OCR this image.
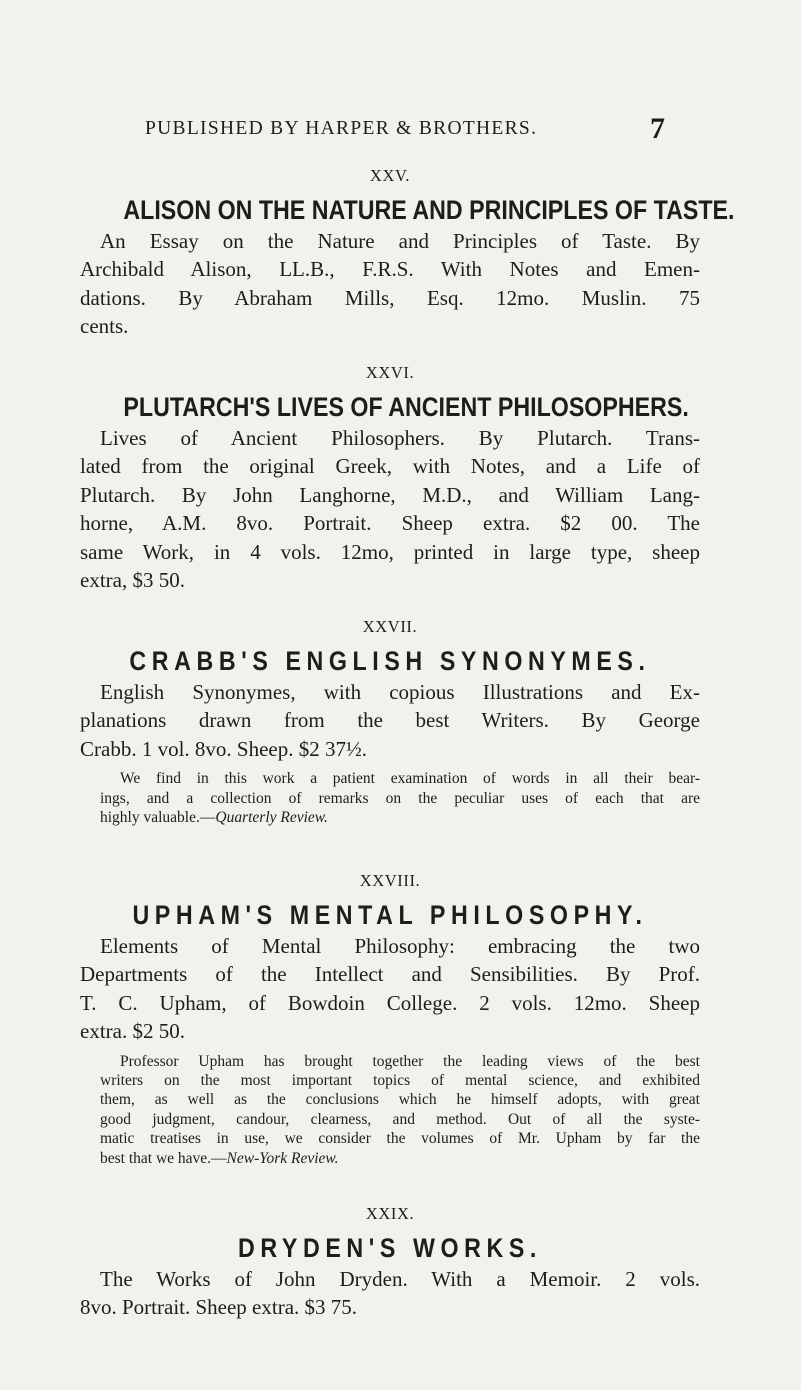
PUBLISHED BY HARPER & BROTHERS.	7
XXV.
ALISON ON THE NATURE AND PRINCIPLES OF TASTE.
An Essay on the Nature and Principles of Taste. By
Archibald Alison, LL.B., F.R.S. With Notes and Emen-
dations. By Abraham Mills, Esq. 12mo. Muslin. 75
cents.
XXVI.
PLUTARCH'S LIVES OF ANCIENT PHILOSOPHERS.
Lives of Ancient Philosophers. By Plutarch. Trans-
lated from the original Greek, with Notes, and a Life of
Plutarch. By John Langhorne, M.D., and William Lang-
horne, A.M. 8vo. Portrait. Sheep extra. $2 00. The
same Work, in 4 vols. 12mo, printed in large type, sheep
extra, $3 50.
XXVII.
CRABB'S ENGLISH SYNONYMES.
English Synonymes, with copious Illustrations and Ex-
planations drawn from the best Writers. By George
Crabb. 1 vol. 8vo. Sheep. $2 37½.
We find in this work a patient examination of words in all their bear-
ings, and a collection of remarks on the peculiar uses of each that are
highly valuable.—Quarterly Review.
XXVIII.
UPHAM'S MENTAL PHILOSOPHY.
Elements of Mental Philosophy: embracing the two
Departments of the Intellect and Sensibilities. By Prof.
T. C. Upham, of Bowdoin College. 2 vols. 12mo. Sheep
extra. $2 50.
Professor Upham has brought together the leading views of the best
writers on the most important topics of mental science, and exhibited
them, as well as the conclusions which he himself adopts, with great
good judgment, candour, clearness, and method. Out of all the syste-
matic treatises in use, we consider the volumes of Mr. Upham by far the
best that we have.—New-York Review.
XXIX.
DRYDEN'S WORKS.
The Works of John Dryden. With a Memoir. 2 vols.
8vo. Portrait. Sheep extra. $3 75.
